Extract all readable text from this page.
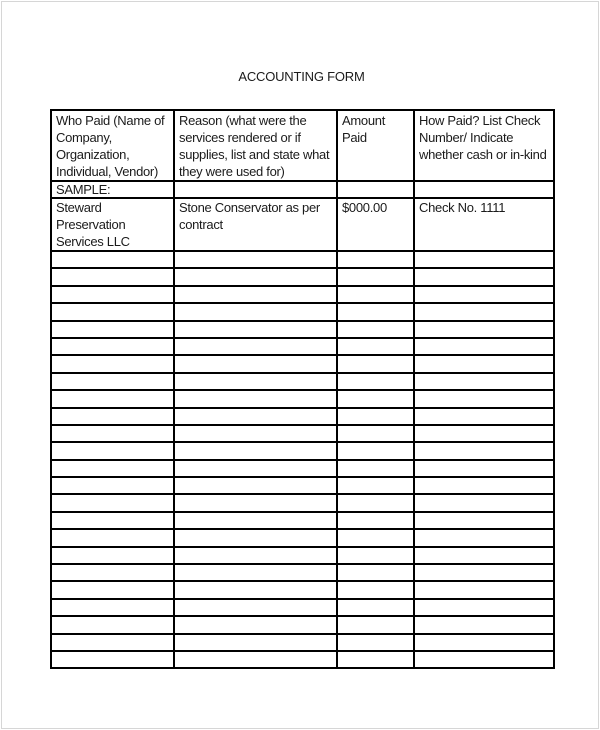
ACCOUNTING FORM
Who Paid (Name of Company, Organization, Individual, Vendor)	Reason (what were the services rendered or if supplies, list and state what they were used for)	Amount Paid	How Paid? List Check Number/ Indicate whether cash or in-kind
SAMPLE:			
Steward Preservation Services LLC	Stone Conservator as per contract	$000.00	Check No. 1111
